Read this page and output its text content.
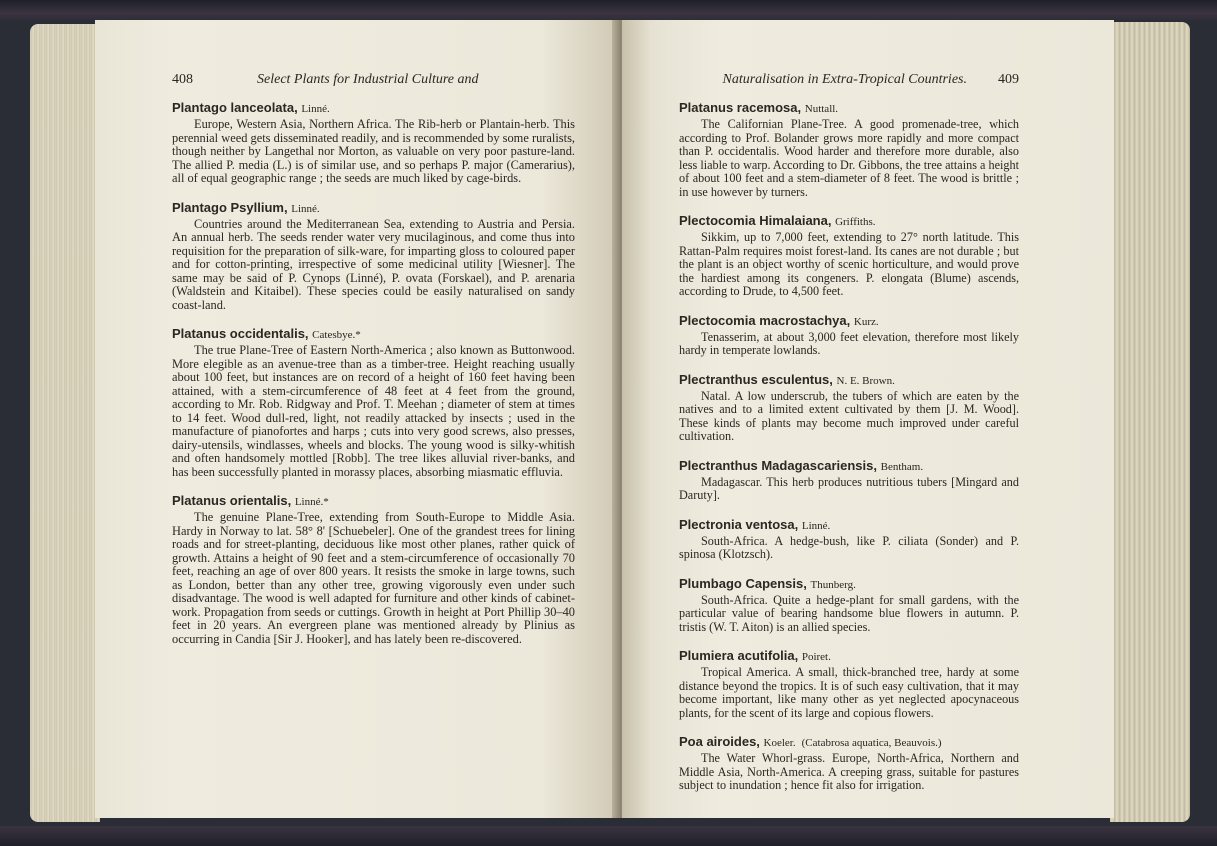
408	Select Plants for Industrial Culture and
Plantago lanceolata, Linné.
Europe, Western Asia, Northern Africa. The Rib-herb or Plantain-herb. This perennial weed gets disseminated readily, and is recommended by some ruralists, though neither by Langethal nor Morton, as valuable on very poor pasture-land. The allied P. media (L.) is of similar use, and so perhaps P. major (Camerarius), all of equal geographic range ; the seeds are much liked by cage-birds.
Plantago Psyllium, Linné.
Countries around the Mediterranean Sea, extending to Austria and Persia. An annual herb. The seeds render water very mucilaginous, and come thus into requisition for the preparation of silk-ware, for imparting gloss to coloured paper and for cotton-printing, irrespective of some medicinal utility [Wiesner]. The same may be said of P. Cynops (Linné), P. ovata (Forskael), and P. arenaria (Waldstein and Kitaibel). These species could be easily naturalised on sandy coast-land.
Platanus occidentalis, Catesbye.*
The true Plane-Tree of Eastern North-America ; also known as Buttonwood. More elegible as an avenue-tree than as a timber-tree. Height reaching usually about 100 feet, but instances are on record of a height of 160 feet having been attained, with a stem-circumference of 48 feet at 4 feet from the ground, according to Mr. Rob. Ridgway and Prof. T. Meehan ; diameter of stem at times to 14 feet. Wood dull-red, light, not readily attacked by insects ; used in the manufacture of pianofortes and harps ; cuts into very good screws, also presses, dairy-utensils, windlasses, wheels and blocks. The young wood is silky-whitish and often handsomely mottled [Robb]. The tree likes alluvial river-banks, and has been successfully planted in morassy places, absorbing miasmatic effluvia.
Platanus orientalis, Linné.*
The genuine Plane-Tree, extending from South-Europe to Middle Asia. Hardy in Norway to lat. 58° 8' [Schuebeler]. One of the grandest trees for lining roads and for street-planting, deciduous like most other planes, rather quick of growth. Attains a height of 90 feet and a stem-circumference of occasionally 70 feet, reaching an age of over 800 years. It resists the smoke in large towns, such as London, better than any other tree, growing vigorously even under such disadvantage. The wood is well adapted for furniture and other kinds of cabinet-work. Propagation from seeds or cuttings. Growth in height at Port Phillip 30–40 feet in 20 years. An evergreen plane was mentioned already by Plinius as occurring in Candia [Sir J. Hooker], and has lately been re-discovered.
Naturalisation in Extra-Tropical Countries. 409
Platanus racemosa, Nuttall.
The Californian Plane-Tree. A good promenade-tree, which according to Prof. Bolander grows more rapidly and more compact than P. occidentalis. Wood harder and therefore more durable, also less liable to warp. According to Dr. Gibbons, the tree attains a height of about 100 feet and a stem-diameter of 8 feet. The wood is brittle ; in use however by turners.
Plectocomia Himalaiana, Griffiths.
Sikkim, up to 7,000 feet, extending to 27° north latitude. This Rattan-Palm requires moist forest-land. Its canes are not durable ; but the plant is an object worthy of scenic horticulture, and would prove the hardiest among its congeners. P. elongata (Blume) ascends, according to Drude, to 4,500 feet.
Plectocomia macrostachya, Kurz.
Tenasserim, at about 3,000 feet elevation, therefore most likely hardy in temperate lowlands.
Plectranthus esculentus, N. E. Brown.
Natal. A low underscrub, the tubers of which are eaten by the natives and to a limited extent cultivated by them [J. M. Wood]. These kinds of plants may become much improved under careful cultivation.
Plectranthus Madagascariensis, Bentham.
Madagascar. This herb produces nutritious tubers [Mingard and Daruty].
Plectronia ventosa, Linné.
South-Africa. A hedge-bush, like P. ciliata (Sonder) and P. spinosa (Klotzsch).
Plumbago Capensis, Thunberg.
South-Africa. Quite a hedge-plant for small gardens, with the particular value of bearing handsome blue flowers in autumn. P. tristis (W. T. Aiton) is an allied species.
Plumiera acutifolia, Poiret.
Tropical America. A small, thick-branched tree, hardy at some distance beyond the tropics. It is of such easy cultivation, that it may become important, like many other as yet neglected apocynaceous plants, for the scent of its large and copious flowers.
Poa airoides, Koeler. (Catabrosa aquatica, Beauvois.)
The Water Whorl-grass. Europe, North-Africa, Northern and Middle Asia, North-America. A creeping grass, suitable for pastures subject to inundation ; hence fit also for irrigation.
